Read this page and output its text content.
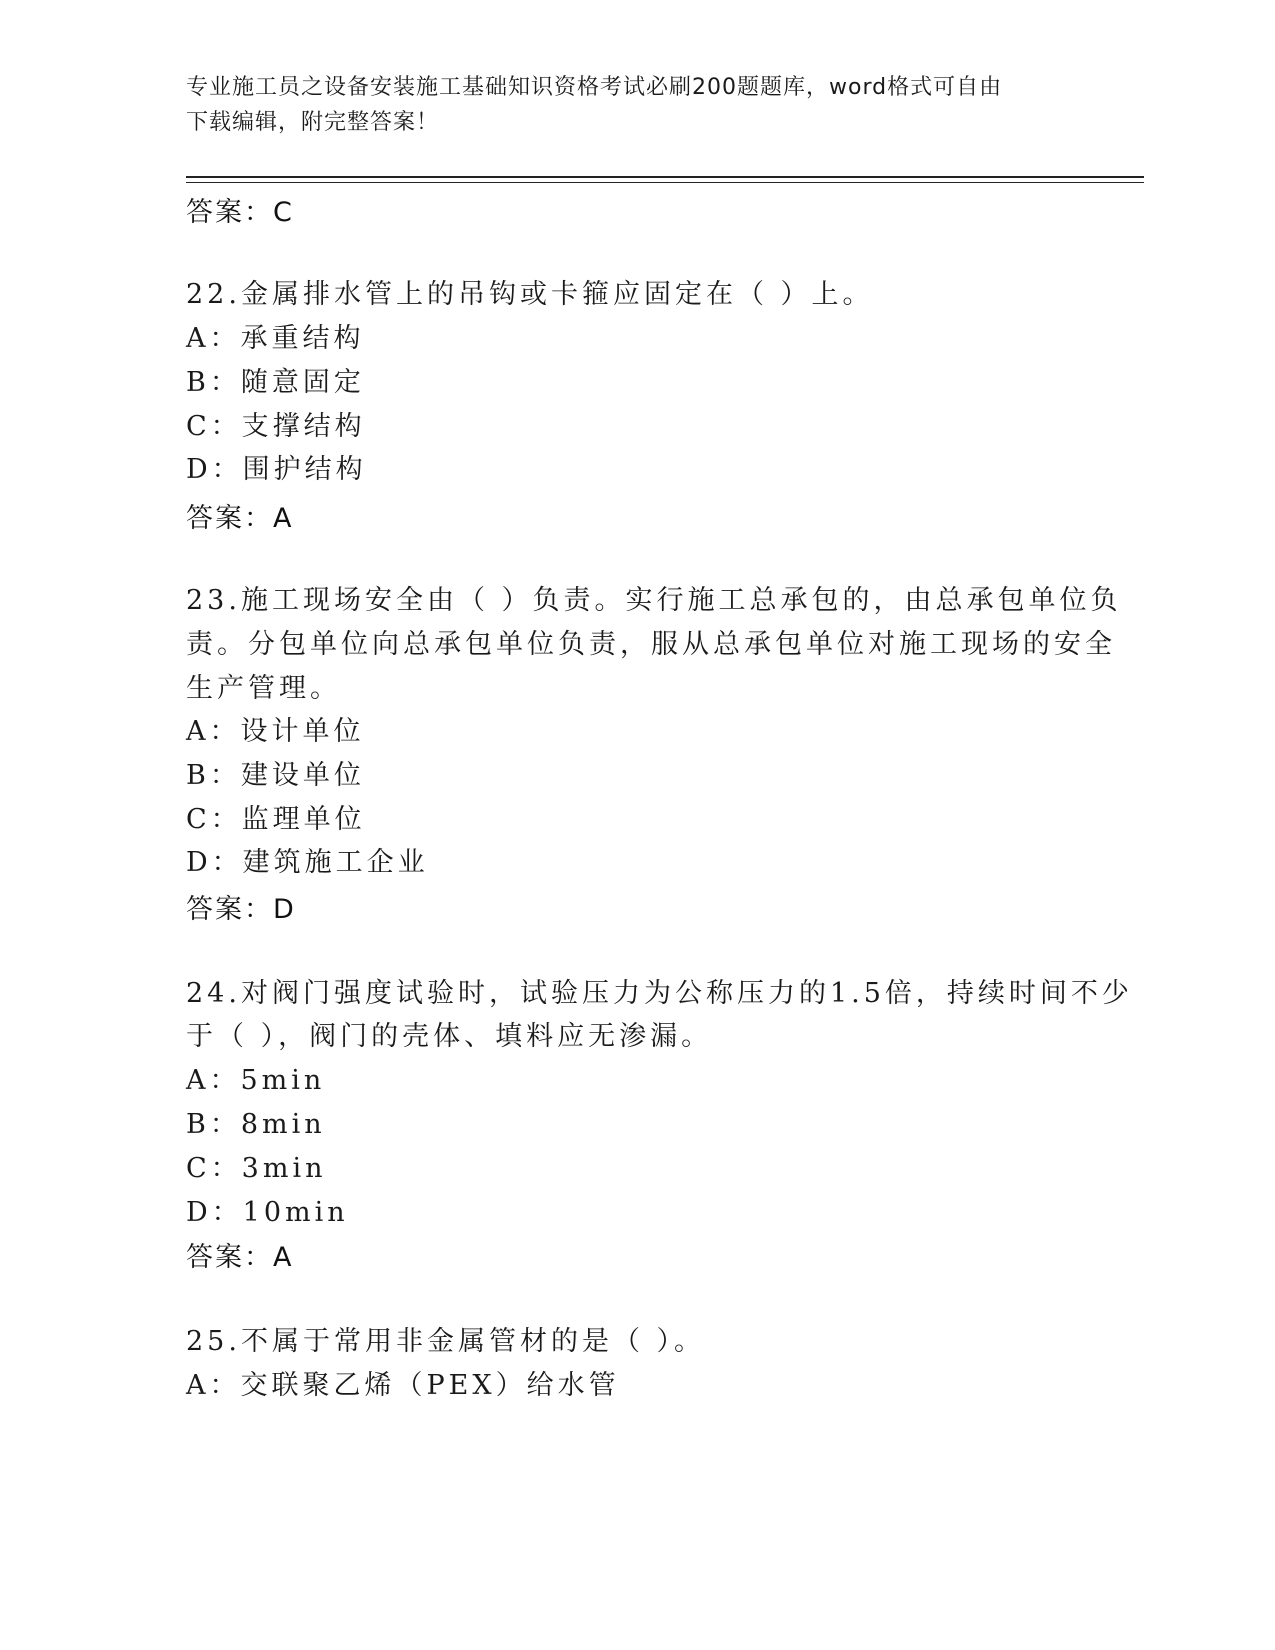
专业施工员之设备安装施工基础知识资格考试必刷200题题库，word格式可自由
下载编辑，附完整答案！
答案：C
22.金属排水管上的吊钩或卡箍应固定在（ ）上。
A：承重结构
B：随意固定
C：支撑结构
D：围护结构
答案：A
23.施工现场安全由（ ）负责。实行施工总承包的，由总承包单位负
责。分包单位向总承包单位负责，服从总承包单位对施工现场的安全
生产管理。
A：设计单位
B：建设单位
C：监理单位
D：建筑施工企业
答案：D
24.对阀门强度试验时，试验压力为公称压力的1.5倍，持续时间不少
于（ ），阀门的壳体、填料应无渗漏。
A：5min
B：8min
C：3min
D：10min
答案：A
25.不属于常用非金属管材的是（ ）。
A：交联聚乙烯（PEX）给水管
